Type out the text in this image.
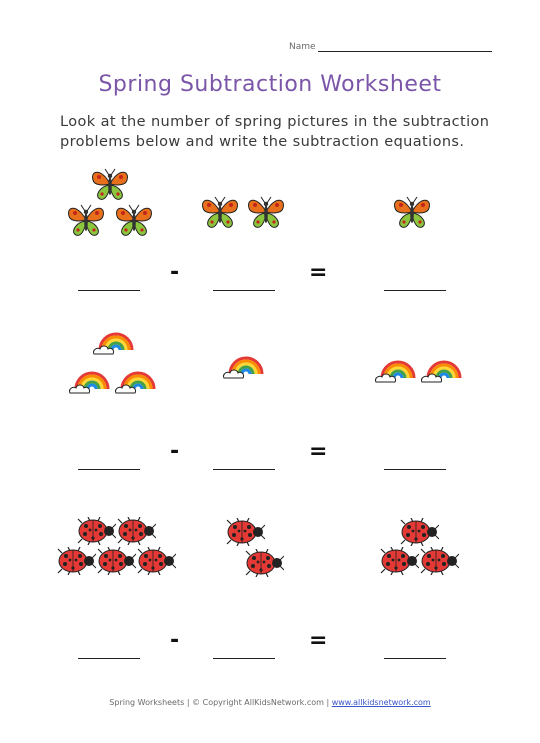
Name
Spring Subtraction Worksheet
Look at the number of spring pictures in the subtraction problems below and write the subtraction equations.
-	=
-	=
-	=
Spring Worksheets | © Copyright AllKidsNetwork.com | www.allkidsnetwork.com
